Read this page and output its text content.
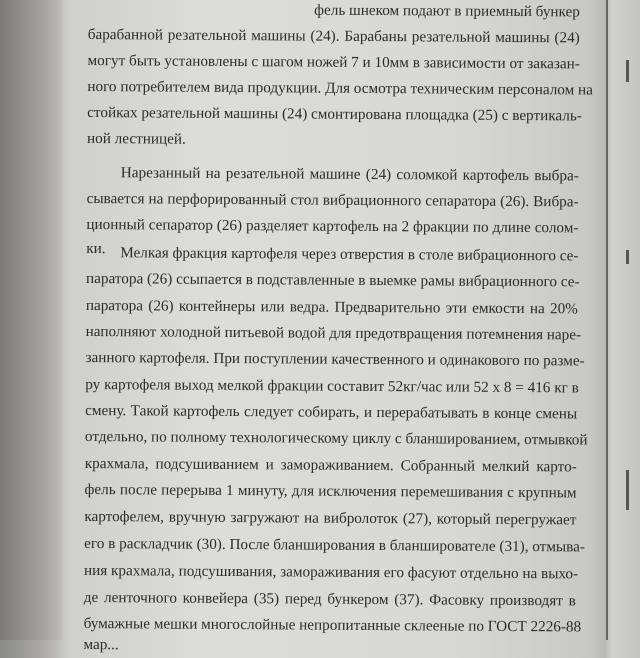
фель шнеком подают в приемный бункер
барабанной резательной машины (24). Барабаны резательной машины (24)
могут быть установлены с шагом ножей 7 и 10мм в зависимости от заказан-
ного потребителем вида продукции. Для осмотра техническим персоналом на
стойках резательной машины (24) смонтирована площадка (25) с вертикаль-
ной лестницей.
Нарезанный на резательной машине (24) соломкой картофель выбра-
сывается на перфорированный стол вибрационного сепаратора (26). Вибра-
ционный сепаратор (26) разделяет картофель на 2 фракции по длине солом-
ки. Мелкая фракция картофеля через отверстия в столе вибрационного се-
паратора (26) ссыпается в подставленные в выемке рамы вибрационного се-
паратора (26) контейнеры или ведра. Предварительно эти емкости на 20%
наполняют холодной питьевой водой для предотвращения потемнения наре-
занного картофеля. При поступлении качественного и одинакового по разме-
ру картофеля выход мелкой фракции составит 52кг/час или 52 х 8 = 416 кг в
смену. Такой картофель следует собирать, и перерабатывать в конце смены
отдельно, по полному технологическому циклу с бланшированием, отмывкой
крахмала, подсушиванием и замораживанием. Собранный мелкий карто-
фель после перерыва 1 минуту, для исключения перемешивания с крупным
картофелем, вручную загружают на вибролоток (27), который перегружает
его в раскладчик (30). После бланширования в бланширователе (31), отмыва-
ния крахмала, подсушивания, замораживания его фасуют отдельно на выхо-
де ленточного конвейера (35) перед бункером (37). Фасовку производят в
бумажные мешки многослойные непропитанные склееные по ГОСТ 2226-88
мар...
